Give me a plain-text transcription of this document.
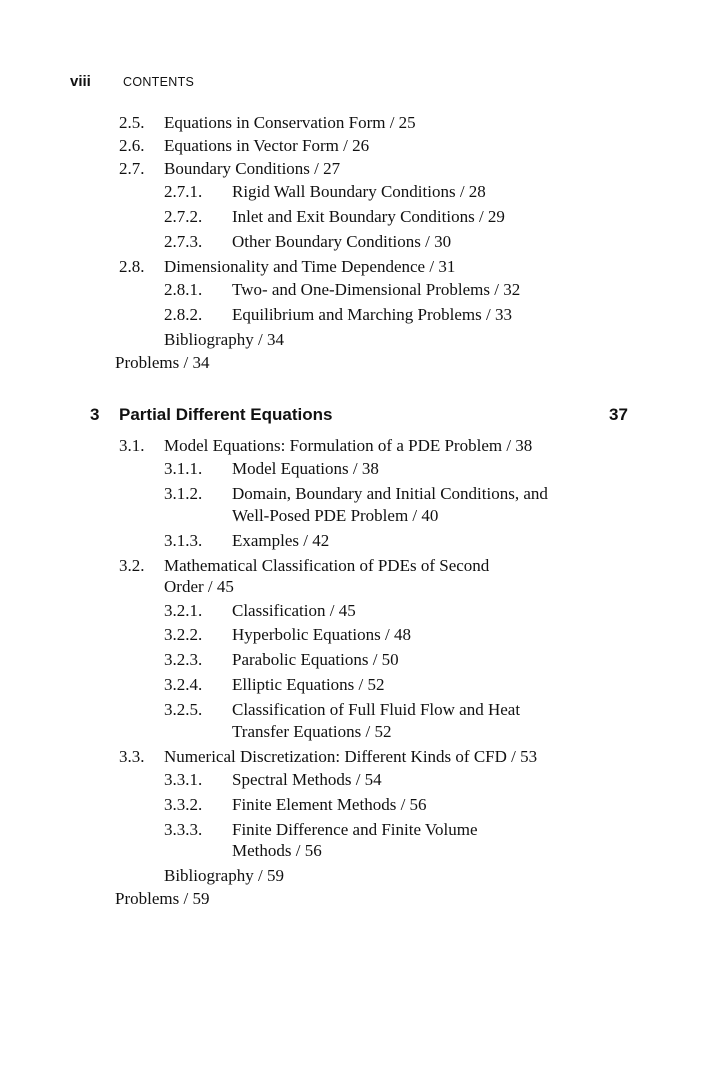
viii	CONTENTS
2.5. Equations in Conservation Form / 25
2.6. Equations in Vector Form / 26
2.7. Boundary Conditions / 27
2.7.1. Rigid Wall Boundary Conditions / 28
2.7.2. Inlet and Exit Boundary Conditions / 29
2.7.3. Other Boundary Conditions / 30
2.8. Dimensionality and Time Dependence / 31
2.8.1. Two- and One-Dimensional Problems / 32
2.8.2. Equilibrium and Marching Problems / 33
Bibliography / 34
Problems / 34
3 Partial Different Equations	37
3.1. Model Equations: Formulation of a PDE Problem / 38
3.1.1. Model Equations / 38
3.1.2. Domain, Boundary and Initial Conditions, and
Well-Posed PDE Problem / 40
3.1.3. Examples / 42
3.2. Mathematical Classification of PDEs of Second
Order / 45
3.2.1. Classification / 45
3.2.2. Hyperbolic Equations / 48
3.2.3. Parabolic Equations / 50
3.2.4. Elliptic Equations / 52
3.2.5. Classification of Full Fluid Flow and Heat
Transfer Equations / 52
3.3. Numerical Discretization: Different Kinds of CFD / 53
3.3.1. Spectral Methods / 54
3.3.2. Finite Element Methods / 56
3.3.3. Finite Difference and Finite Volume
Methods / 56
Bibliography / 59
Problems / 59
